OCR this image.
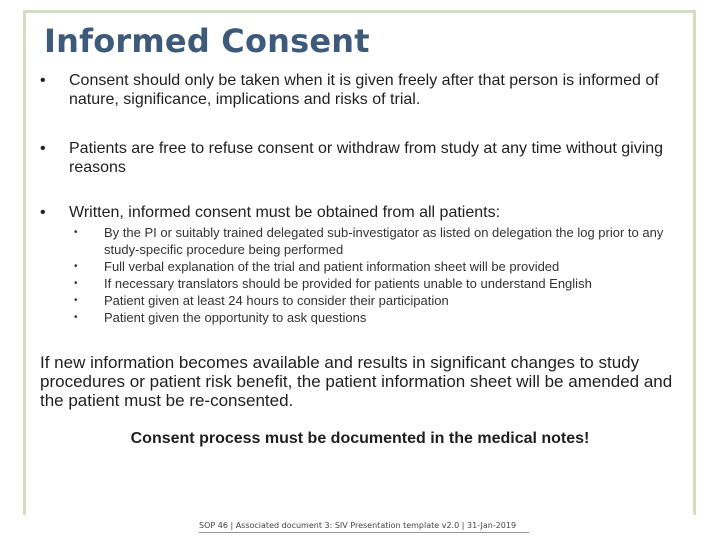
Informed Consent
• Consent should only be taken when it is given freely after that person is informed of nature, significance, implications and risks of trial.
• Patients are free to refuse consent or withdraw from study at any time without giving reasons
• Written, informed consent must be obtained from all patients:
• By the PI or suitably trained delegated sub-investigator as listed on delegation the log prior to any study-specific procedure being performed
• Full verbal explanation of the trial and patient information sheet will be provided
• If necessary translators should be provided for patients unable to understand English
• Patient given at least 24 hours to consider their participation
• Patient given the opportunity to ask questions

If new information becomes available and results in significant changes to study procedures or patient risk benefit, the patient information sheet will be amended and the patient must be re-consented.

Consent process must be documented in the medical notes!

SOP 46 | Associated document 3: SIV Presentation template v2.0 | 31-Jan-2019
